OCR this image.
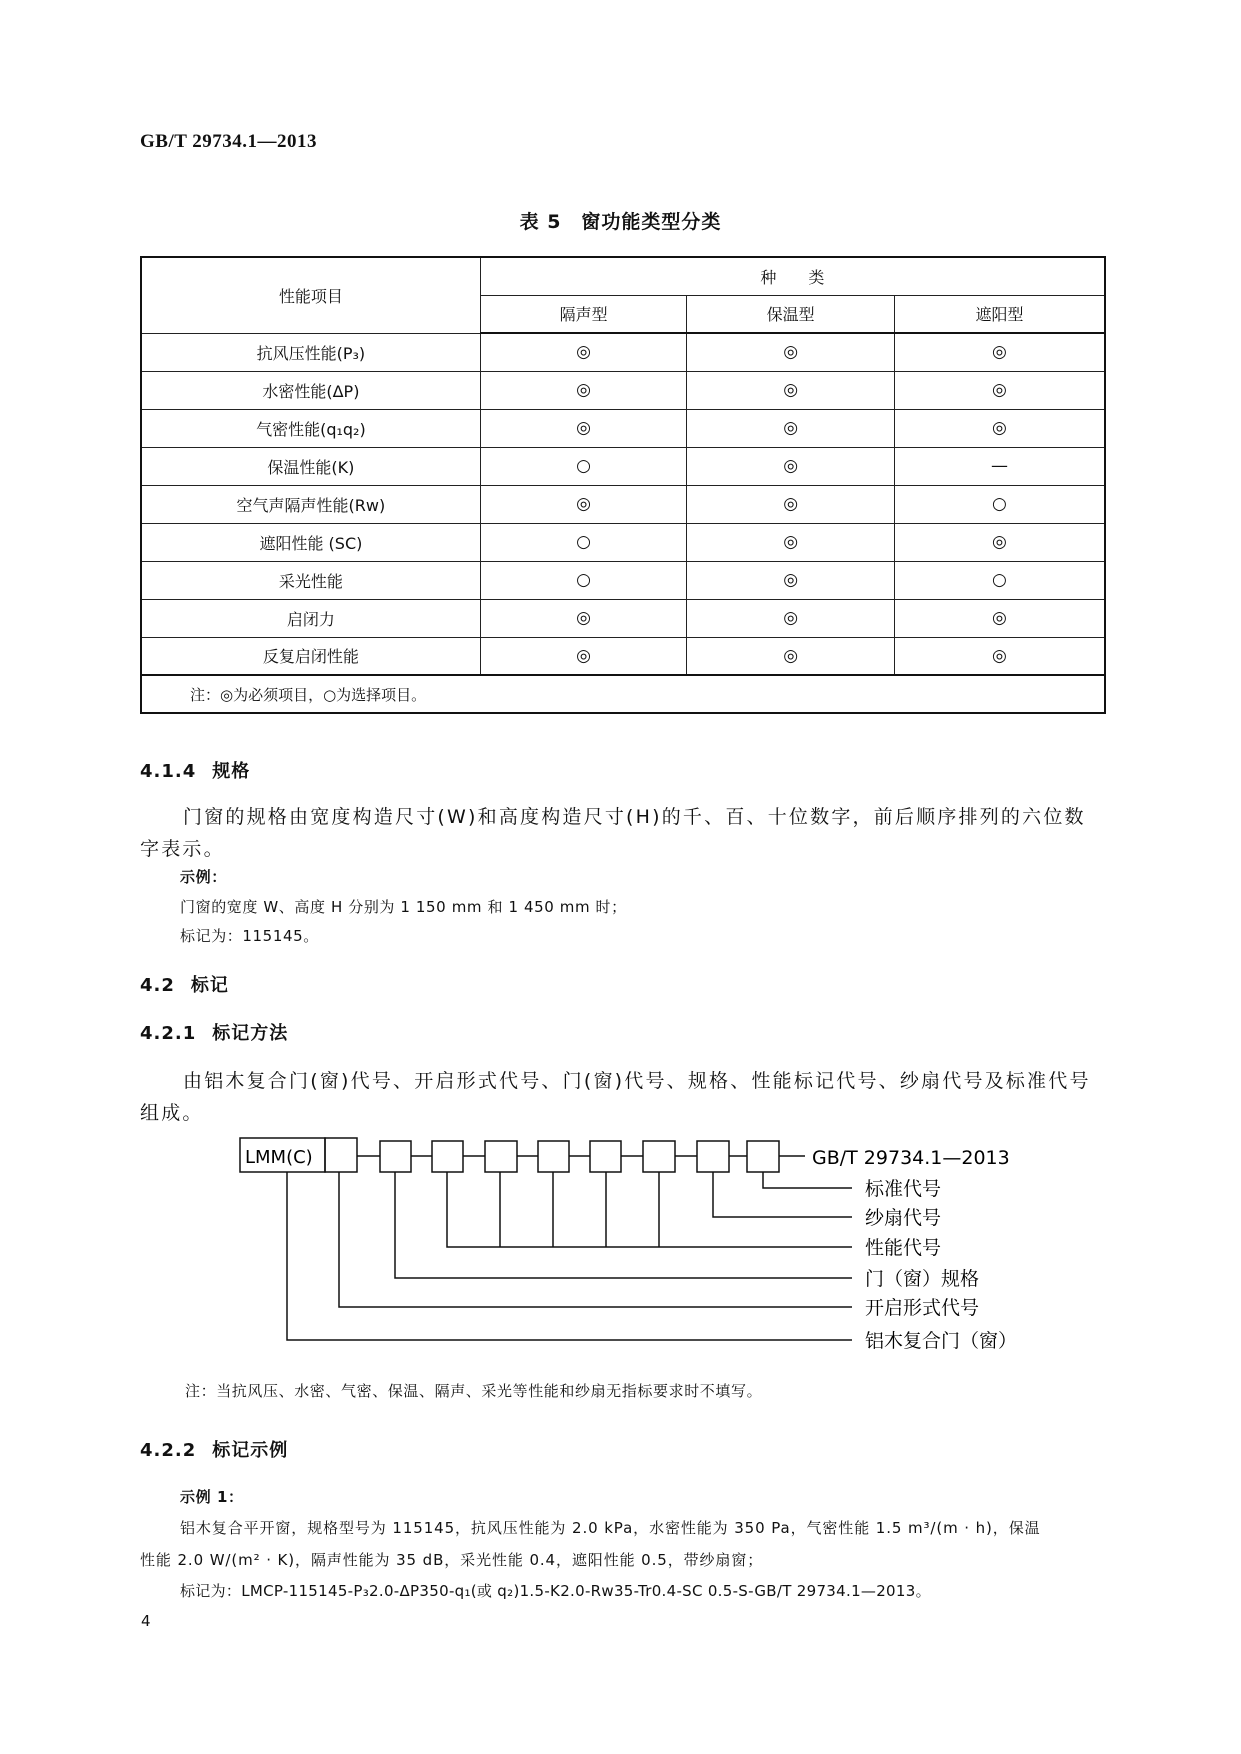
GB/T 29734.1—2013
表 5　窗功能类型分类
性能项目	种　　类		
	隔声型	保温型	遮阳型
抗风压性能(P₃)	◎	◎	◎
水密性能(ΔP)	◎	◎	◎
气密性能(q₁q₂)	◎	◎	◎
保温性能(K)	○	◎	—
空气声隔声性能(Rw)	◎	◎	○
遮阳性能 (SC)	○	◎	◎
采光性能	○	◎	○
启闭力	◎	◎	◎
反复启闭性能	◎	◎	◎
注：◎为必须项目，○为选择项目。			
4.1.4 规格
门窗的规格由宽度构造尺寸(W)和高度构造尺寸(H)的千、百、十位数字，前后顺序排列的六位数
字表示。
示例：
门窗的宽度 W、高度 H 分别为 1 150 mm 和 1 450 mm 时；
标记为：115145。
4.2 标记
4.2.1 标记方法
由铝木复合门(窗)代号、开启形式代号、门(窗)代号、规格、性能标记代号、纱扇代号及标准代号
组成。
LMM(C)	GB/T 29734.1—2013
标准代号
纱扇代号
性能代号
门（窗）规格
开启形式代号
铝木复合门（窗）
注：当抗风压、水密、气密、保温、隔声、采光等性能和纱扇无指标要求时不填写。
4.2.2 标记示例
示例 1：
铝木复合平开窗，规格型号为 115145，抗风压性能为 2.0 kPa，水密性能为 350 Pa，气密性能 1.5 m³/(m · h)，保温
性能 2.0 W/(m² · K)，隔声性能为 35 dB，采光性能 0.4，遮阳性能 0.5，带纱扇窗；
标记为：LMCP-115145-P₃2.0-ΔP350-q₁(或 q₂)1.5-K2.0-Rw35-Tr0.4-SC 0.5-S-GB/T 29734.1—2013。
4
